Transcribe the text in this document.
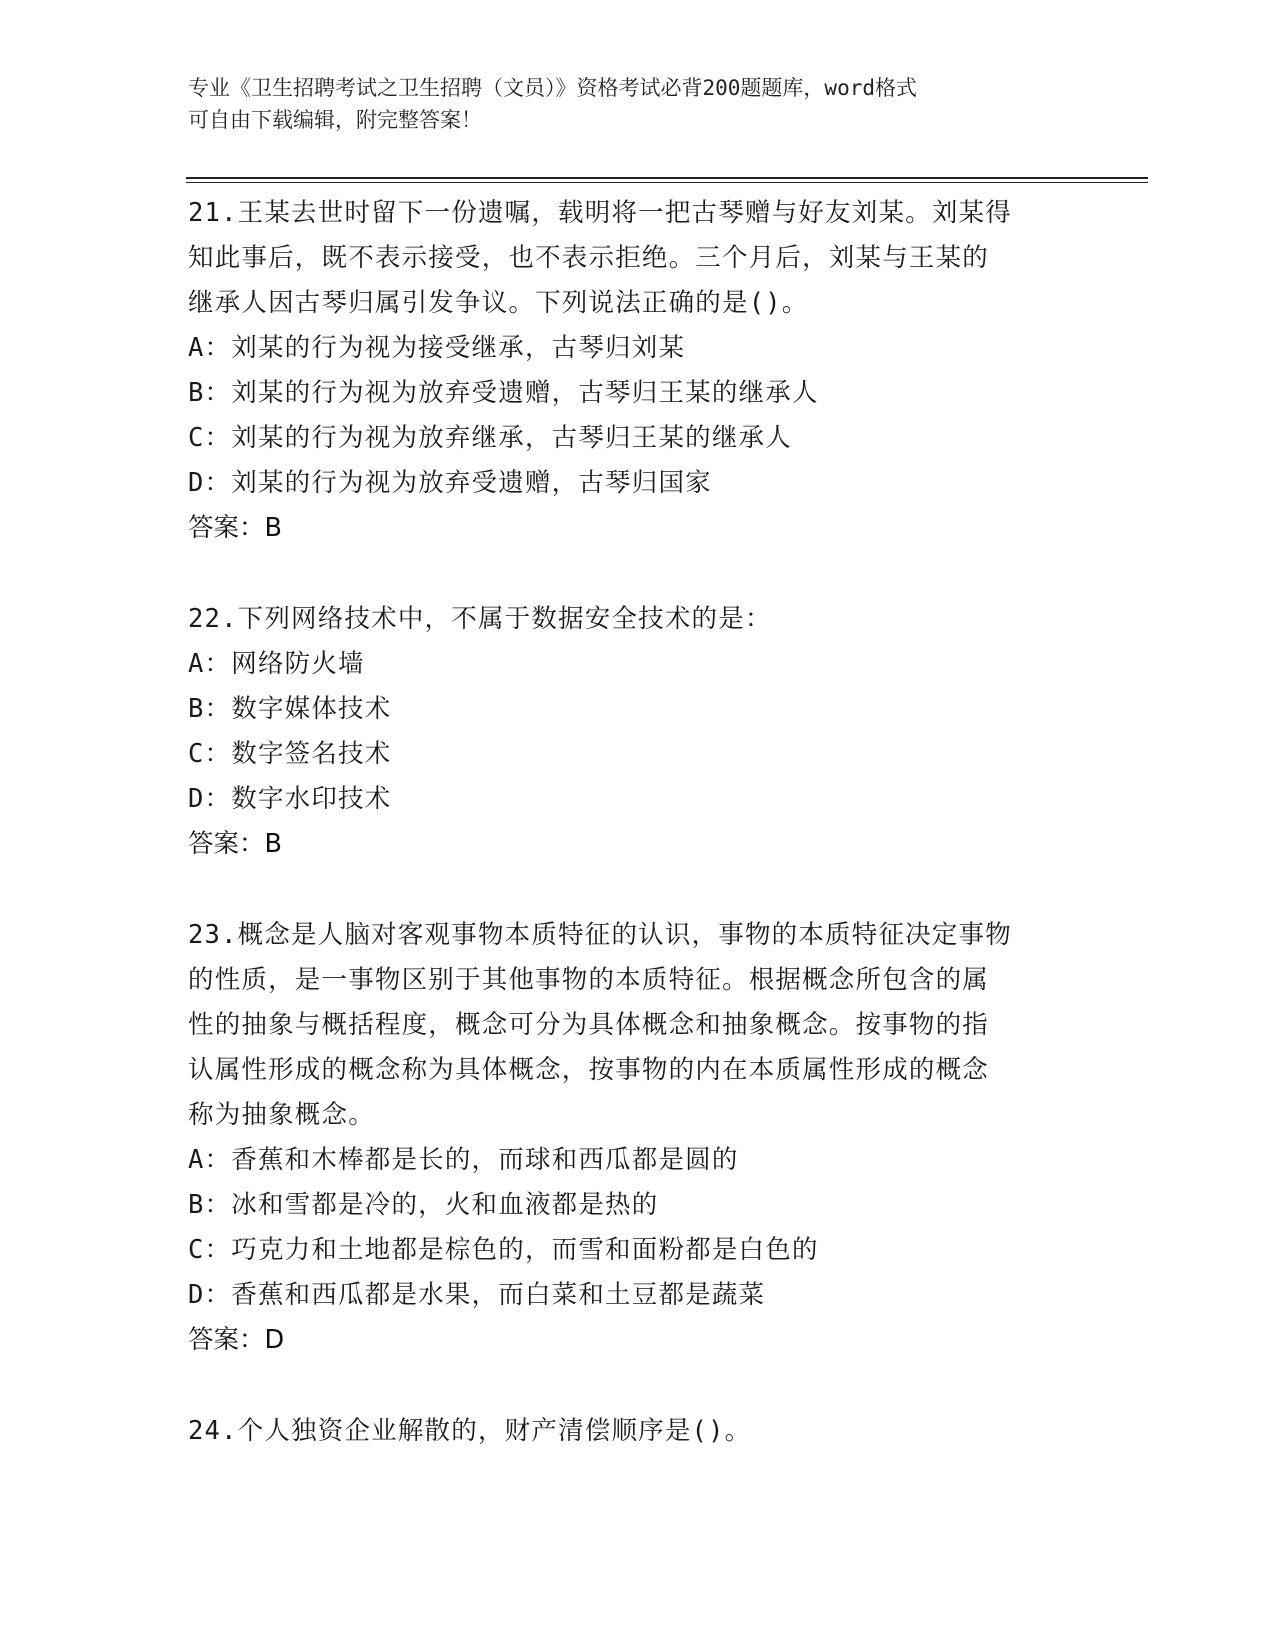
专业《卫生招聘考试之卫生招聘（文员）》资格考试必背200题题库，word格式
可自由下载编辑，附完整答案！
21.王某去世时留下一份遗嘱，载明将一把古琴赠与好友刘某。刘某得
知此事后，既不表示接受，也不表示拒绝。三个月后，刘某与王某的
继承人因古琴归属引发争议。下列说法正确的是()。
A：刘某的行为视为接受继承，古琴归刘某
B：刘某的行为视为放弃受遗赠，古琴归王某的继承人
C：刘某的行为视为放弃继承，古琴归王某的继承人
D：刘某的行为视为放弃受遗赠，古琴归国家
答案：B
22.下列网络技术中，不属于数据安全技术的是：
A：网络防火墙
B：数字媒体技术
C：数字签名技术
D：数字水印技术
答案：B
23.概念是人脑对客观事物本质特征的认识，事物的本质特征决定事物
的性质，是一事物区别于其他事物的本质特征。根据概念所包含的属
性的抽象与概括程度，概念可分为具体概念和抽象概念。按事物的指
认属性形成的概念称为具体概念，按事物的内在本质属性形成的概念
称为抽象概念。
A：香蕉和木棒都是长的，而球和西瓜都是圆的
B：冰和雪都是冷的，火和血液都是热的
C：巧克力和土地都是棕色的，而雪和面粉都是白色的
D：香蕉和西瓜都是水果，而白菜和土豆都是蔬菜
答案：D
24.个人独资企业解散的，财产清偿顺序是()。
